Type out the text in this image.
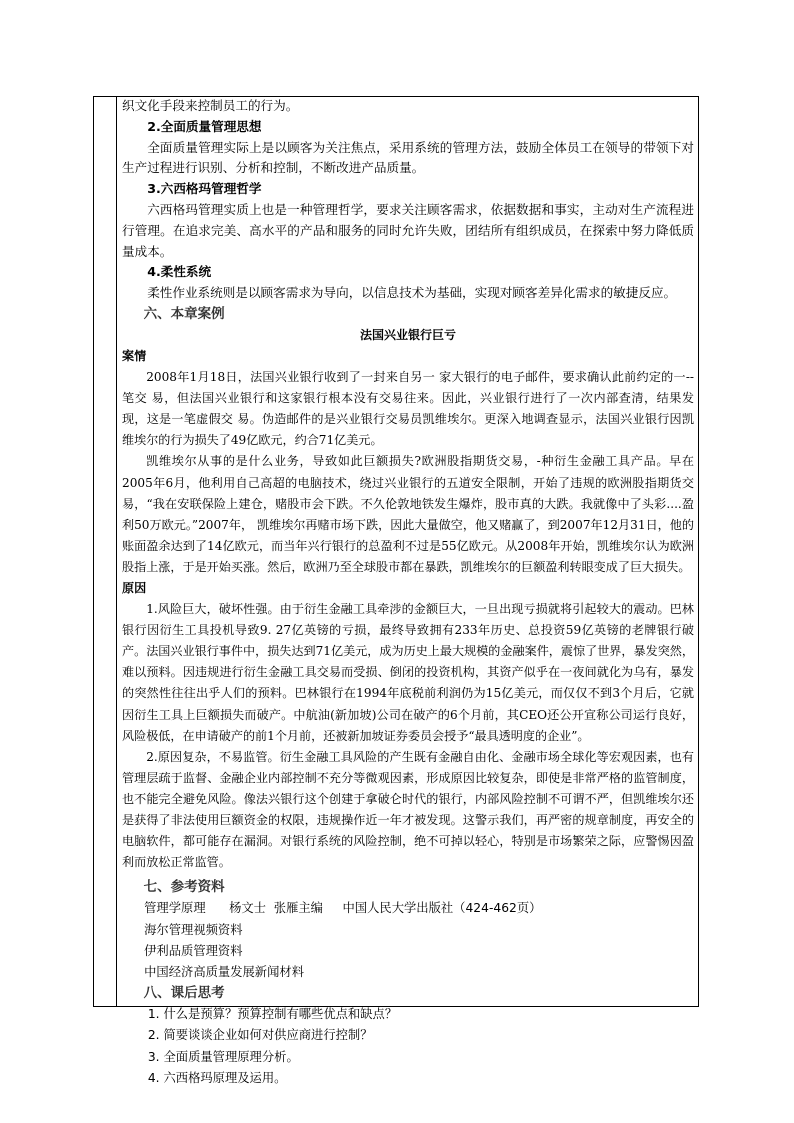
织文化手段来控制员工的行为。

2.全面质量管理思想

全面质量管理实际上是以顾客为关注焦点，采用系统的管理方法，鼓励全体员工在领导的带领下对生产过程进行识别、分析和控制，不断改进产品质量。

3.六西格玛管理哲学

六西格玛管理实质上也是一种管理哲学，要求关注顾客需求，依据数据和事实，主动对生产流程进行管理。在追求完美、高水平的产品和服务的同时允许失败，团结所有组织成员，在探索中努力降低质量成本。

4.柔性系统

柔性作业系统则是以顾客需求为导向，以信息技术为基础，实现对顾客差异化需求的敏捷反应。

六、本章案例

法国兴业银行巨亏

案情

2008年1月18日，法国兴业银行收到了一封来自另一 家大银行的电子邮件，要求确认此前约定的一--笔交 易，但法国兴业银行和这家银行根本没有交易往来。因此，兴业银行进行了一次内部查清，结果发现，这是一笔虚假交 易。伪造邮件的是兴业银行交易员凯维埃尔。更深入地调查显示，法国兴业银行因凯维埃尔的行为损失了49亿欧元，约合71亿美元。

凯维埃尔从事的是什么业务，导致如此巨额损失?欧洲股指期货交易，-种衍生金融工具产品。早在2005年6月，他利用自己高超的电脑技术，绕过兴业银行的五道安全限制，开始了违规的欧洲股指期货交易，“我在安联保险上建仓，赌股市会下跌。不久伦敦地铁发生爆炸，股市真的大跌。我就像中了头彩....盈利50万欧元。”2007年， 凯维埃尔再赌市场下跌，因此大量做空，他又赌赢了，到2007年12月31日，他的账面盈余达到了14亿欧元，而当年兴行银行的总盈利不过是55亿欧元。从2008年开始，凯维埃尔认为欧洲股指上涨，于是开始买涨。然后，欧洲乃至全球股市都在暴跌，凯维埃尔的巨额盈利转眼变成了巨大损失。

原因

1.风险巨大，破坏性强。由于衍生金融工具牵涉的金额巨大，一旦出现亏损就将引起较大的震动。巴林银行因衍生工具投机导致9. 27亿英镑的亏损，最终导致拥有233年历史、总投资59亿英镑的老牌银行破产。法国兴业银行事件中，损失达到71亿美元，成为历史上最大规模的金融案件，震惊了世界，暴发突然，难以预料。因违规进行衍生金融工具交易而受损、倒闭的投资机构，其资产似乎在一夜间就化为乌有，暴发的突然性往往出乎人们的预料。巴林银行在1994年底税前利润仍为15亿美元，而仅仅不到3个月后，它就因衍生工具上巨额损失而破产。中航油(新加坡)公司在破产的6个月前，其CEO还公开宣称公司运行良好，风险极低，在申请破产的前1个月前，还被新加坡证券委员会授予“最具透明度的企业”。

2.原因复杂，不易监管。衍生金融工具风险的产生既有金融自由化、金融市场全球化等宏观因素，也有管理层疏于监督、金融企业内部控制不充分等微观因素，形成原因比较复杂，即使是非常严格的监管制度，也不能完全避免风险。像法兴银行这个创建于拿破仑时代的银行，内部风险控制不可谓不严，但凯维埃尔还是获得了非法使用巨额资金的权限，违规操作近一年才被发现。这警示我们，再严密的规章制度，再安全的电脑软件，都可能存在漏洞。对银行系统的风险控制，绝不可掉以轻心，特别是市场繁荣之际，应警惕因盈利而放松正常监管。

七、参考资料

管理学原理      杨文士  张雁主编     中国人民大学出版社（424-462页）

海尔管理视频资料

伊利品质管理资料

中国经济高质量发展新闻材料

八、课后思考

1. 什么是预算？预算控制有哪些优点和缺点？

2. 简要谈谈企业如何对供应商进行控制？

3. 全面质量管理原理分析。

4. 六西格玛原理及运用。
